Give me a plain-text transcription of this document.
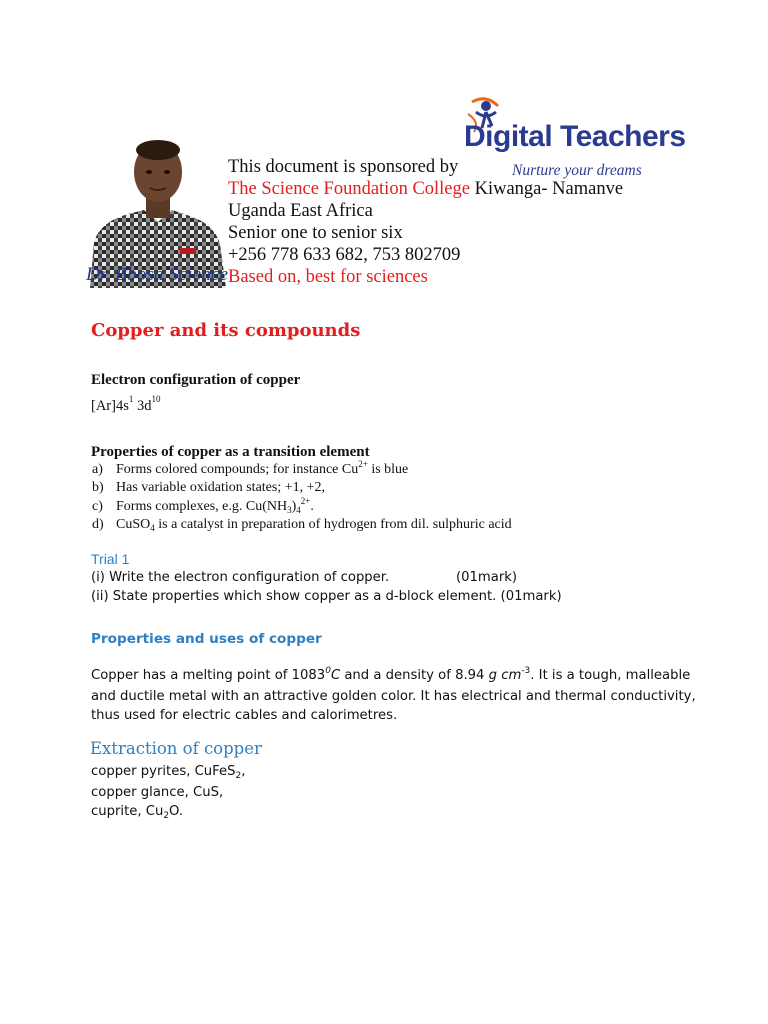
Dr. Bbosa Science
This document is sponsored by
The Science Foundation College Kiwanga- Namanve
Uganda East Africa
Senior one to senior six
+256 778 633 682, 753 802709
Based on, best for sciences
Digital Teachers
Nurture your dreams
Copper and its compounds
Electron configuration of copper
$[Ar]4s^1$ $3d^{10}$
Properties of copper as a transition element
a) Forms colored compounds; for instance $Cu^{2+}$ is blue
b) Has variable oxidation states; +1, +2,
c) Forms complexes, e.g. $Cu(NH_3)_4^{2+}$.
d) CuSO$_4$ is a catalyst in preparation of hydrogen from dil. sulphuric acid
Trial 1
(i) Write the electron configuration of copper.	(01mark)
(ii) State properties which show copper as a d-block element. (01mark)
Properties and uses of copper
Copper has a melting point of 1083$^0$C and a density of 8.94 g $cm^{-3}$. It is a tough, malleable
and ductile metal with an attractive golden color. It has electrical and thermal conductivity,
thus used for electric cables and calorimetres.
Extraction of copper
copper pyrites, CuFeS$_2$,
copper glance, CuS,
cuprite, $Cu_2O$.
